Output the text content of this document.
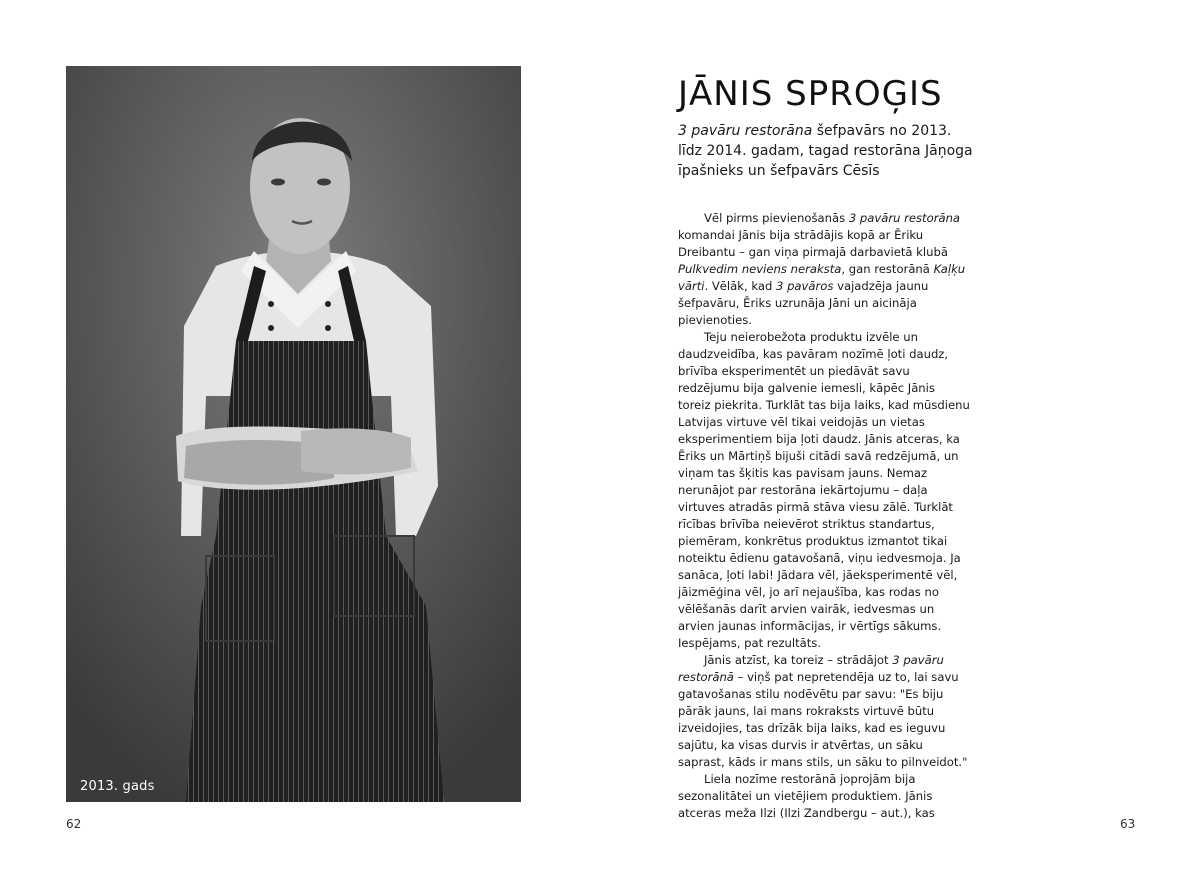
2013. gads
62
JĀNIS SPROĢIS

3 pavāru restorāna šefpavārs no 2013. līdz 2014. gadam, tagad restorāna Jāņoga īpašnieks un šefpavārs Cēsīs

Vēl pirms pievienošanās 3 pavāru restorāna komandai Jānis bija strādājis kopā ar Ēriku Dreibantu – gan viņa pirmajā darbavietā klubā Pulkvedim neviens neraksta, gan restorānā Kaļķu vārti. Vēlāk, kad 3 pavāros vajadzēja jaunu šefpavāru, Ēriks uzrunāja Jāni un aicināja pievienoties.

Teju neierobežota produktu izvēle un daudzveidība, kas pavāram nozīmē ļoti daudz, brīvība eksperimentēt un piedāvāt savu redzējumu bija galvenie iemesli, kāpēc Jānis toreiz piekrita. Turklāt tas bija laiks, kad mūsdienu Latvijas virtuve vēl tikai veidojās un vietas eksperimentiem bija ļoti daudz. Jānis atceras, ka Ēriks un Mārtiņš bijuši citādi savā redzējumā, un viņam tas šķitis kas pavisam jauns. Nemaz nerunājot par restorāna iekārtojumu – daļa virtuves atradās pirmā stāva viesu zālē. Turklāt rīcības brīvība neievērot striktus standartus, piemēram, konkrētus produktus izmantot tikai noteiktu ēdienu gatavošanā, viņu iedvesmoja. Ja sanāca, ļoti labi! Jādara vēl, jāeksperimentē vēl, jāizmēģina vēl, jo arī nejaušība, kas rodas no vēlēšanās darīt arvien vairāk, iedvesmas un arvien jaunas informācijas, ir vērtīgs sākums. Iespējams, pat rezultāts.

Jānis atzīst, ka toreiz – strādājot 3 pavāru restorānā – viņš pat nepretendēja uz to, lai savu gatavošanas stilu nodēvētu par savu: "Es biju pārāk jauns, lai mans rokraksts virtuvē būtu izveidojies, tas drīzāk bija laiks, kad es ieguvu sajūtu, ka visas durvis ir atvērtas, un sāku saprast, kāds ir mans stils, un sāku to pilnveidot."

Liela nozīme restorānā joprojām bija sezonalitātei un vietējiem produktiem. Jānis atceras meža Ilzi (Ilzi Zandbergu – aut.), kas

63
